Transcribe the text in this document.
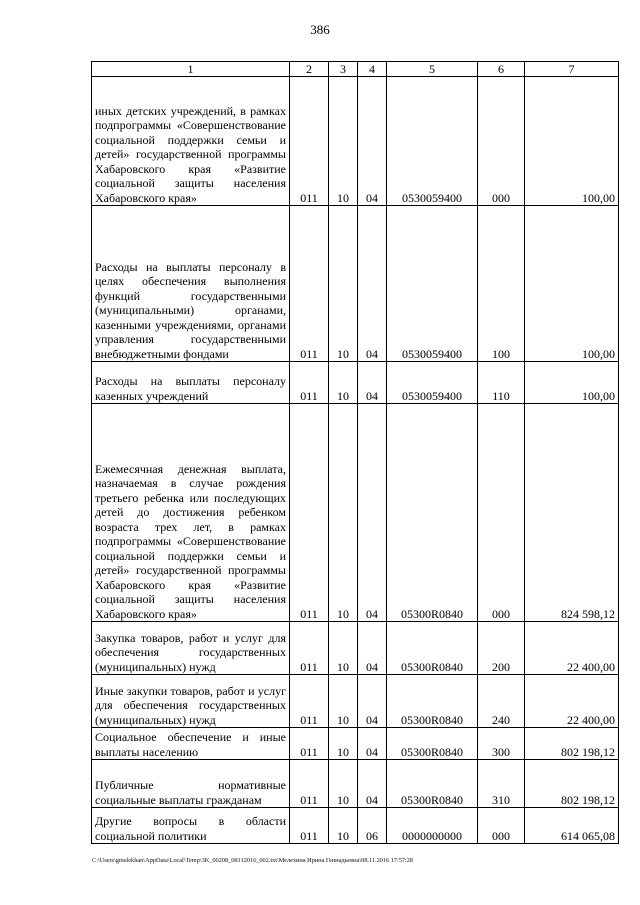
386
1	2	3	4	5	6	7
иных детских учреждений, в рамках подпрограммы «Совершенствование социальной поддержки семьи и детей» государственной программы Хабаровского края «Развитие социальной защиты населения Хабаровского края»	011	10	04	0530059400	000	100,00
Расходы на выплаты персоналу в целях обеспечения выполнения функций государственными (муниципальными) органами, казенными учреждениями, органами управления государственными внебюджетными фондами	011	10	04	0530059400	100	100,00
Расходы на выплаты персоналу казенных учреждений	011	10	04	0530059400	110	100,00
Ежемесячная денежная выплата, назначаемая в случае рождения третьего ребенка или последующих детей до достижения ребенком возраста трех лет, в рамках подпрограммы «Совершенствование социальной поддержки семьи и детей» государственной программы Хабаровского края «Развитие социальной защиты населения Хабаровского края»	011	10	04	05300R0840	000	824 598,12
Закупка товаров, работ и услуг для обеспечения государственных (муниципальных) нужд	011	10	04	05300R0840	200	22 400,00
Иные закупки товаров, работ и услуг для обеспечения государственных (муниципальных) нужд	011	10	04	05300R0840	240	22 400,00
Социальное обеспечение и иные выплаты населению	011	10	04	05300R0840	300	802 198,12
Публичные нормативные социальные выплаты гражданам	011	10	04	05300R0840	310	802 198,12
Другие вопросы в области социальной политики	011	10	06	0000000000	000	614 065,08
C:\Users\gmelekhan\AppData\Local\Temp\3K_00208_08112016_002.txt\Мелехина Ирина Геннадьевна\08.11.2016 17:57:28
